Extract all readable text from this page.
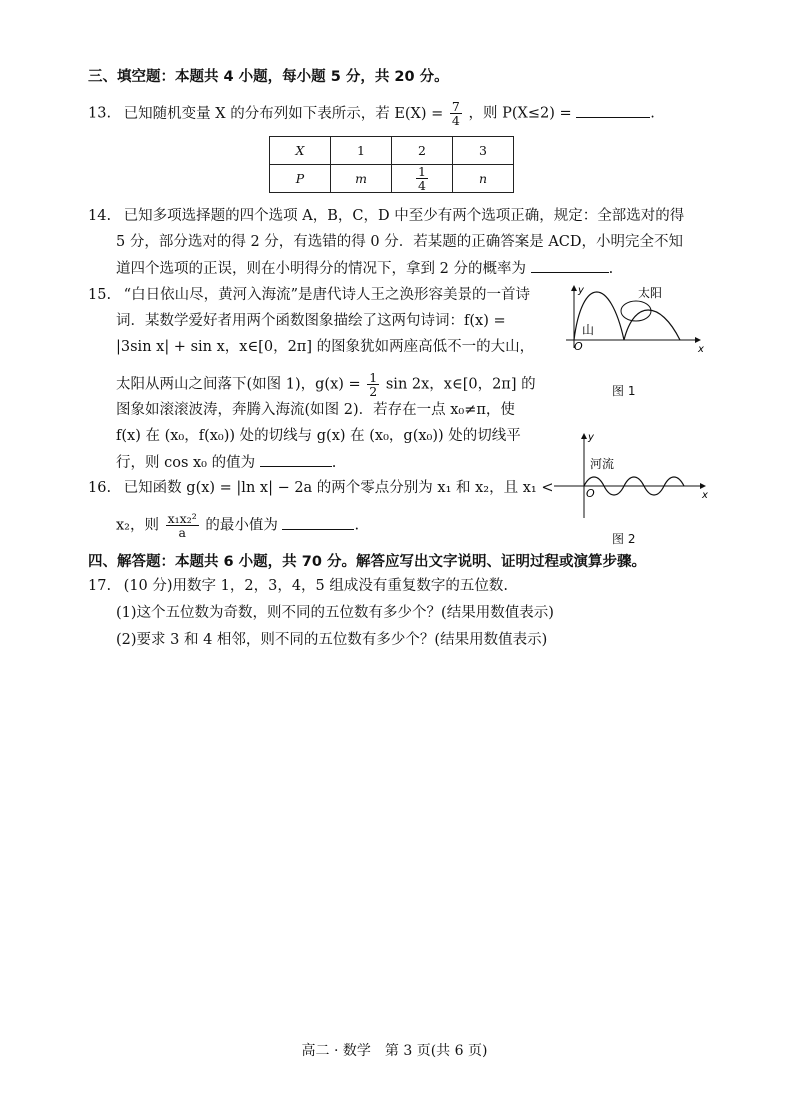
三、填空题：本题共 4 小题，每小题 5 分，共 20 分。
13. 已知随机变量 X 的分布列如下表所示，若 $E(X) = \frac{7}{4}$ ，则 P(X≤2) =	.
X	1	2	3
P	m	$\frac{1}{4}$	n
14. 已知多项选择题的四个选项 A，B，C，D 中至少有两个选项正确，规定：全部选对的得
5 分，部分选对的得 2 分，有选错的得 0 分．若某题的正确答案是 ACD，小明完全不知
道四个选项的正误，则在小明得分的情况下，拿到 2 分的概率为	.
15. “白日依山尽，黄河入海流”是唐代诗人王之涣形容美景的一首诗
词．某数学爱好者用两个函数图象描绘了这两句诗词：f(x) =
|3sin x| + sin x，x∈[0，2π] 的图象犹如两座高低不一的大山，
太阳从两山之间落下(如图 1)，$g(x) = \frac{1}{2}$ sin 2x，x∈[0，2π] 的
图象如滚滚波涛，奔腾入海流(如图 2)．若存在一点 x₀≠π，使
f(x) 在 (x₀，f(x₀)) 处的切线与 g(x) 在 (x₀，g(x₀)) 处的切线平
行，则 cos x₀ 的值为	.
16. 已知函数 g(x) = |ln x| − 2a 的两个零点分别为 x₁ 和 x₂，且 x₁ <
x₂，则 $\frac{\text{x₁x₂²}}{a}$ 的最小值为	.
四、解答题：本题共 6 小题，共 70 分。解答应写出文字说明、证明过程或演算步骤。
17. (10 分)用数字 1，2，3，4，5 组成没有重复数字的五位数.
(1)这个五位数为奇数，则不同的五位数有多少个？(结果用数值表示)
(2)要求 3 和 4 相邻，则不同的五位数有多少个？(结果用数值表示)
y
x
O
太阳
山
图 1
y
x
O
河流
图 2
高二 · 数学　第 3 页(共 6 页)
